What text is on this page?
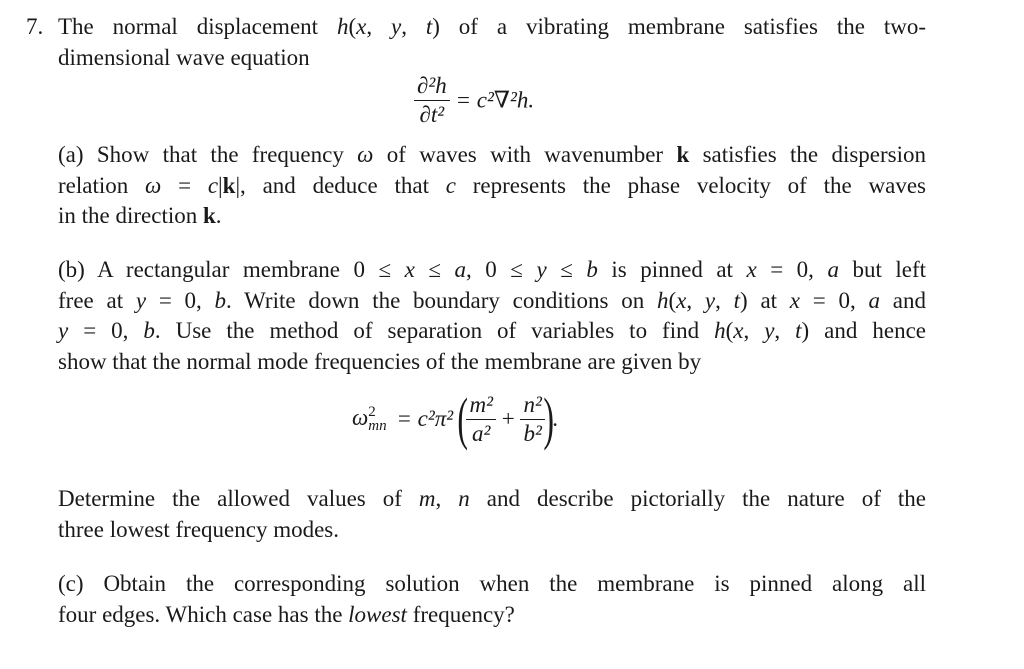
7. The normal displacement h(x, y, t) of a vibrating membrane satisfies the two-
dimensional wave equation
$\frac{\text{∂²h}}{\text{∂t²}} = c^2\nabla^2h$.
(a) Show that the frequency ω of waves with wavenumber k satisfies the dispersion
relation ω = c|k|, and deduce that c represents the phase velocity of the waves
in the direction k.
(b) A rectangular membrane 0 ≤ x ≤ a, 0 ≤ y ≤ b is pinned at x = 0, a but left
free at y = 0, b. Write down the boundary conditions on h(x, y, t) at x = 0, a and
y = 0, b. Use the method of separation of variables to find h(x, y, t) and hence
show that the normal mode frequencies of the membrane are given by
ω 2
mn = c²π²(
$\frac{\text{m²}}{\text{a²}} + \frac{\text{n²}}{\text{b²}}$
).
Determine the allowed values of m, n and describe pictorially the nature of the
three lowest frequency modes.
(c) Obtain the corresponding solution when the membrane is pinned along all
four edges. Which case has the lowest frequency?
